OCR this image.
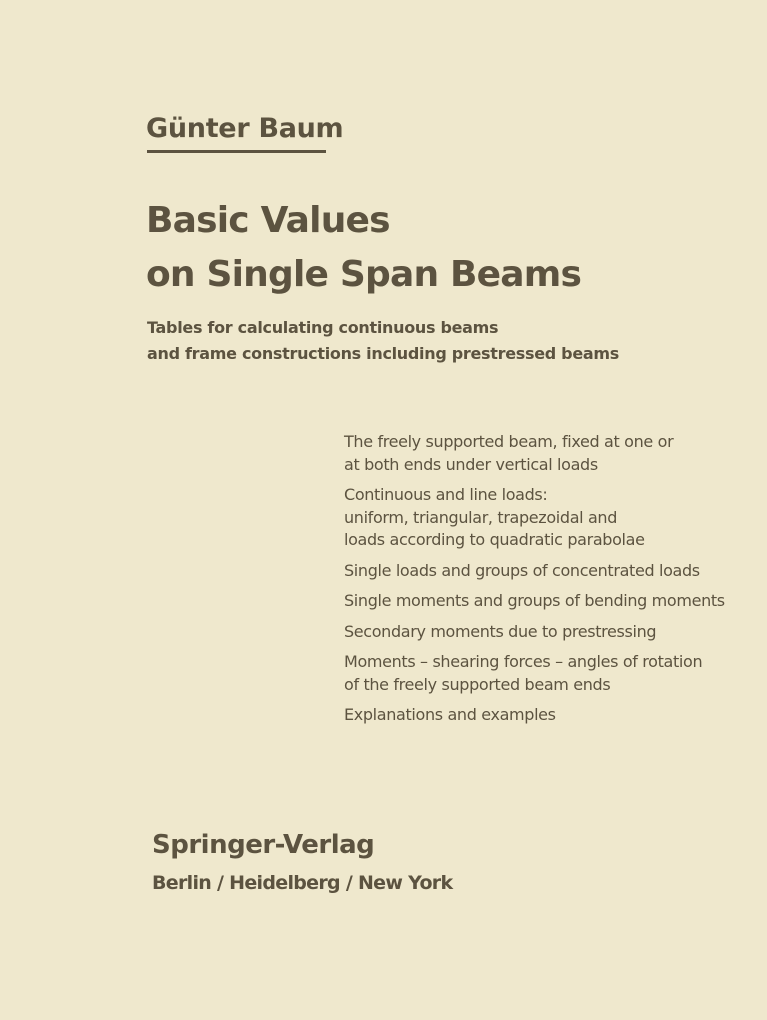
Günter Baum
Basic Values
on Single Span Beams
Tables for calculating continuous beams
and frame constructions including prestressed beams
The freely supported beam, fixed at one or
at both ends under vertical loads
Continuous and line loads:
uniform, triangular, trapezoidal and
loads according to quadratic parabolae
Single loads and groups of concentrated loads
Single moments and groups of bending moments
Secondary moments due to prestressing
Moments – shearing forces – angles of rotation
of the freely supported beam ends
Explanations and examples
Springer-Verlag
Berlin / Heidelberg / New York
